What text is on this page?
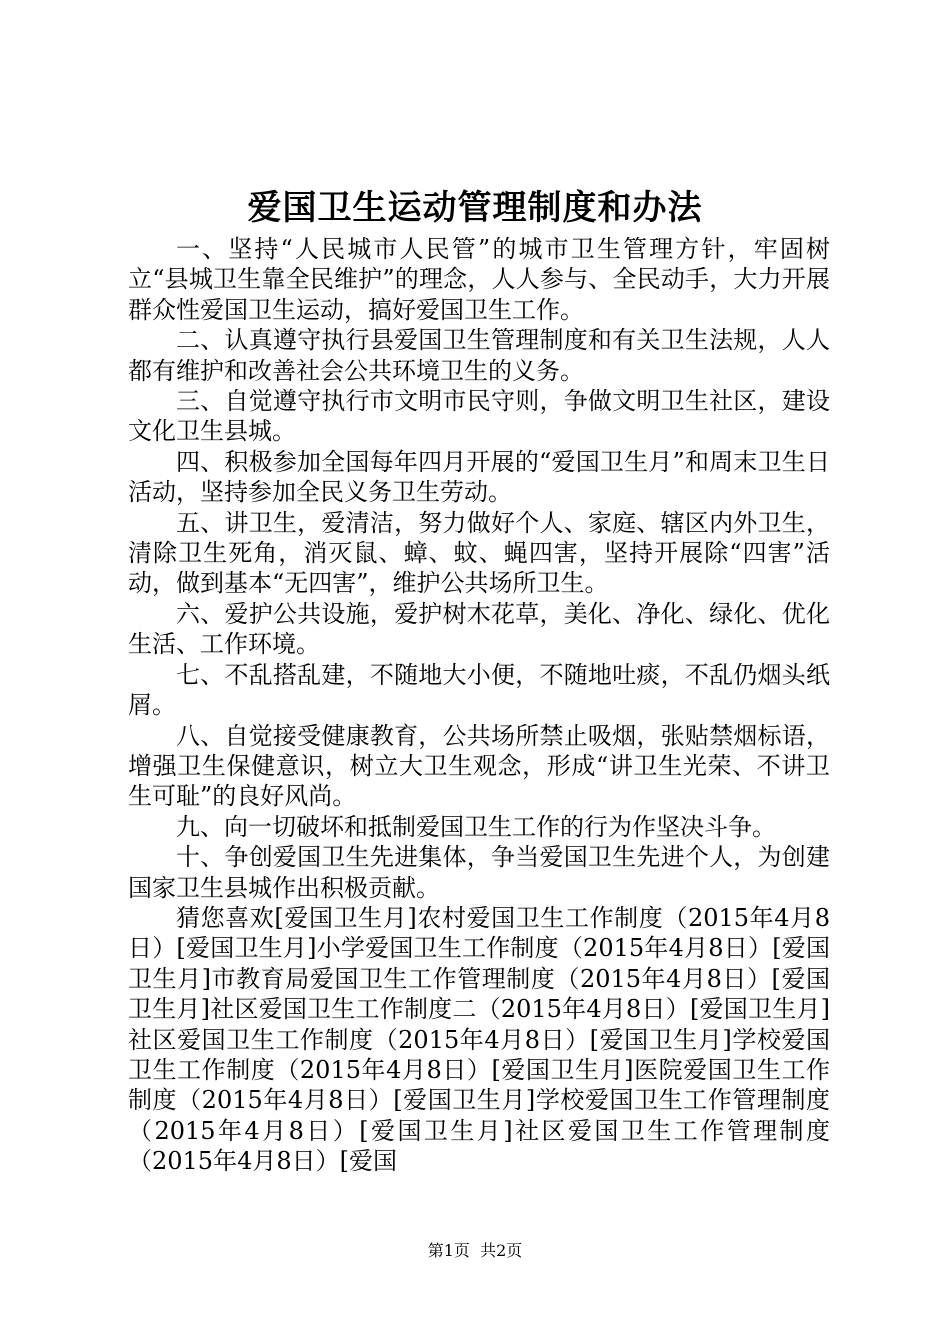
爱国卫生运动管理制度和办法

一、坚持“人民城市人民管”的城市卫生管理方针，牢固树立“县城卫生靠全民维护”的理念，人人参与、全民动手，大力开展群众性爱国卫生运动，搞好爱国卫生工作。

二、认真遵守执行县爱国卫生管理制度和有关卫生法规，人人都有维护和改善社会公共环境卫生的义务。

三、自觉遵守执行市文明市民守则，争做文明卫生社区，建设文化卫生县城。

四、积极参加全国每年四月开展的“爱国卫生月”和周末卫生日活动，坚持参加全民义务卫生劳动。

五、讲卫生，爱清洁，努力做好个人、家庭、辖区内外卫生，清除卫生死角，消灭鼠、蟑、蚊、蝇四害，坚持开展除“四害”活动，做到基本“无四害”，维护公共场所卫生。

六、爱护公共设施，爱护树木花草，美化、净化、绿化、优化生活、工作环境。

七、不乱搭乱建，不随地大小便，不随地吐痰，不乱仍烟头纸屑。

八、自觉接受健康教育，公共场所禁止吸烟，张贴禁烟标语，增强卫生保健意识，树立大卫生观念，形成“讲卫生光荣、不讲卫生可耻”的良好风尚。

九、向一切破坏和抵制爱国卫生工作的行为作坚决斗争。

十、争创爱国卫生先进集体，争当爱国卫生先进个人，为创建国家卫生县城作出积极贡献。

猜您喜欢[爱国卫生月]农村爱国卫生工作制度（2015年4月8日）[爱国卫生月]小学爱国卫生工作制度（2015年4月8日）[爱国卫生月]市教育局爱国卫生工作管理制度（2015年4月8日）[爱国卫生月]社区爱国卫生工作制度二（2015年4月8日）[爱国卫生月]社区爱国卫生工作制度（2015年4月8日）[爱国卫生月]学校爱国卫生工作制度（2015年4月8日）[爱国卫生月]医院爱国卫生工作制度（2015年4月8日）[爱国卫生月]学校爱国卫生工作管理制度（2015年4月8日）[爱国卫生月]社区爱国卫生工作管理制度（2015年4月8日）[爱国

第1页 共2页
